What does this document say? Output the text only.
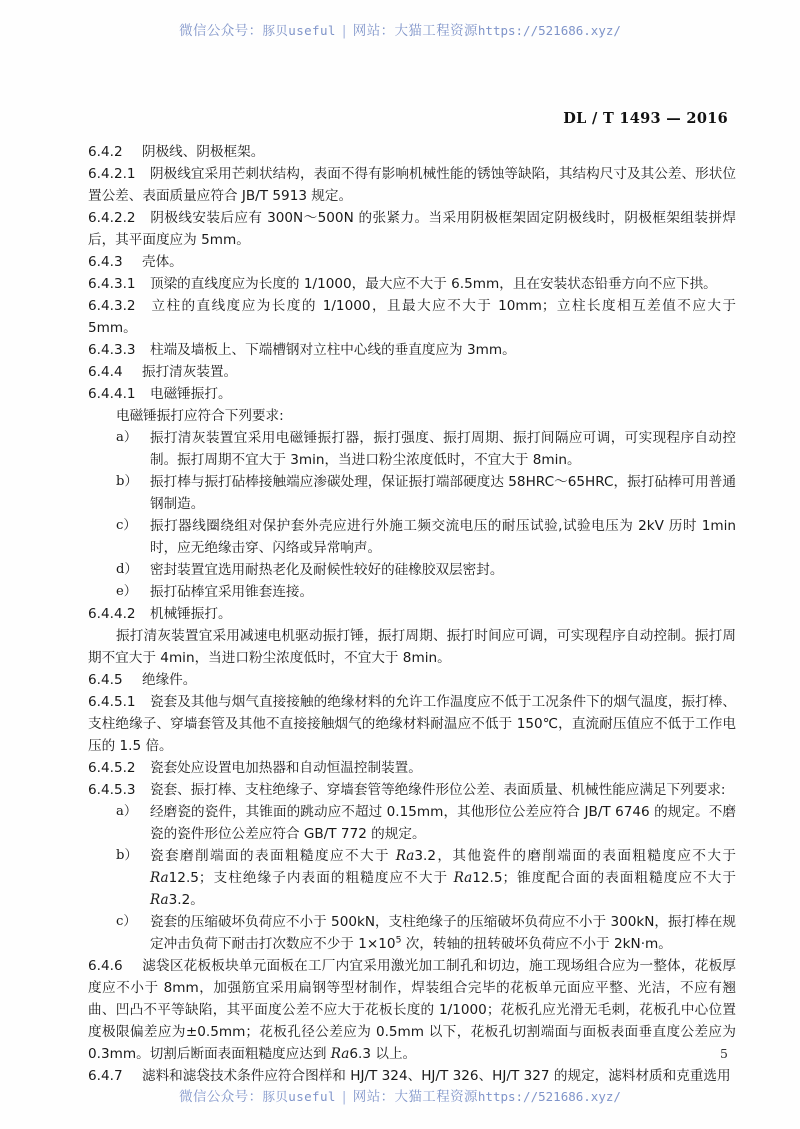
微信公众号：豚贝useful | 网站：大猫工程资源https://521686.xyz/
DL / T 1493 — 2016

6.4.2 阴极线、阴极框架。

6.4.2.1 阴极线宜采用芒刺状结构，表面不得有影响机械性能的锈蚀等缺陷，其结构尺寸及其公差、形状位置公差、表面质量应符合 JB/T 5913 规定。

6.4.2.2 阴极线安装后应有 300N～500N 的张紧力。当采用阴极框架固定阴极线时，阴极框架组装拼焊后，其平面度应为 5mm。

6.4.3 壳体。

6.4.3.1 顶梁的直线度应为长度的 1/1000，最大应不大于 6.5mm，且在安装状态铅垂方向不应下拱。

6.4.3.2 立柱的直线度应为长度的 1/1000，且最大应不大于 10mm；立柱长度相互差值不应大于 5mm。

6.4.3.3 柱端及墙板上、下端槽钢对立柱中心线的垂直度应为 3mm。

6.4.4 振打清灰装置。

6.4.4.1 电磁锤振打。

电磁锤振打应符合下列要求:

a） 振打清灰装置宜采用电磁锤振打器，振打强度、振打周期、振打间隔应可调，可实现程序自动控制。振打周期不宜大于 3min，当进口粉尘浓度低时，不宜大于 8min。

b） 振打棒与振打砧棒接触端应渗碳处理，保证振打端部硬度达 58HRC～65HRC，振打砧棒可用普通钢制造。

c） 振打器线圈绕组对保护套外壳应进行外施工频交流电压的耐压试验,试验电压为 2kV 历时 1min 时，应无绝缘击穿、闪络或异常响声。

d） 密封装置宜选用耐热老化及耐候性较好的硅橡胶双层密封。

e） 振打砧棒宜采用锥套连接。

6.4.4.2 机械锤振打。

振打清灰装置宜采用减速电机驱动振打锤，振打周期、振打时间应可调，可实现程序自动控制。振打周期不宜大于 4min，当进口粉尘浓度低时，不宜大于 8min。

6.4.5 绝缘件。

6.4.5.1 瓷套及其他与烟气直接接触的绝缘材料的允许工作温度应不低于工况条件下的烟气温度，振打棒、支柱绝缘子、穿墙套管及其他不直接接触烟气的绝缘材料耐温应不低于 150℃，直流耐压值应不低于工作电压的 1.5 倍。

6.4.5.2 瓷套处应设置电加热器和自动恒温控制装置。

6.4.5.3 瓷套、振打棒、支柱绝缘子、穿墙套管等绝缘件形位公差、表面质量、机械性能应满足下列要求:

a） 经磨瓷的瓷件，其锥面的跳动应不超过 0.15mm，其他形位公差应符合 JB/T 6746 的规定。不磨瓷的瓷件形位公差应符合 GB/T 772 的规定。

b） 瓷套磨削端面的表面粗糙度应不大于 Ra3.2，其他瓷件的磨削端面的表面粗糙度应不大于 Ra12.5；支柱绝缘子内表面的粗糙度应不大于 Ra12.5；锥度配合面的表面粗糙度应不大于 Ra3.2。

c） 瓷套的压缩破坏负荷应不小于 500kN，支柱绝缘子的压缩破坏负荷应不小于 300kN，振打棒在规定冲击负荷下耐击打次数应不少于 $1\times 10^5$ 次，转轴的扭转破坏负荷应不小于 2kN·m。

6.4.6 滤袋区花板板块单元面板在工厂内宜采用激光加工制孔和切边，施工现场组合应为一整体，花板厚度应不小于 8mm，加强筋宜采用扁钢等型材制作，焊装组合完毕的花板单元面应平整、光洁，不应有翘曲、凹凸不平等缺陷，其平面度公差不应大于花板长度的 1/1000；花板孔应光滑无毛刺，花板孔中心位置度极限偏差应为±0.5mm；花板孔径公差应为 0.5mm 以下，花板孔切割端面与面板表面垂直度公差应为 0.3mm。切割后断面表面粗糙度应达到 Ra6.3 以上。

6.4.7 滤料和滤袋技术条件应符合图样和 HJ/T 324、HJ/T 326、HJ/T 327 的规定，滤料材质和克重选用

5
微信公众号：豚贝useful | 网站：大猫工程资源https://521686.xyz/
